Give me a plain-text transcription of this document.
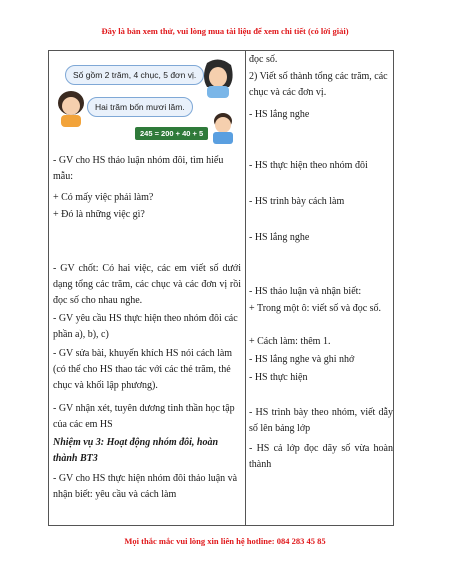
Đây là bản xem thử, vui lòng mua tài liệu để xem chi tiết (có lời giải)
Số gồm 2 trăm, 4 chục, 5 đơn vị.
Hai trăm bốn mươi lăm.
245 = 200 + 40 + 5
- GV cho HS thảo luận nhóm đôi, tìm hiểu mẫu:
+ Có mấy việc phải làm?
+ Đó là những việc gì?
- GV chốt: Có hai việc, các em viết số dưới dạng tổng các trăm, các chục và các đơn vị rồi đọc số cho nhau nghe.
- GV yêu cầu HS thực hiện theo nhóm đôi các phần a), b), c)
- GV sửa bài, khuyến khích HS nói cách làm (có thể cho HS thao tác với các thẻ trăm, thẻ chục và khối lập phương).
- GV nhận xét, tuyên dương tinh thần học tập của các em HS
Nhiệm vụ 3: Hoạt động nhóm đôi, hoàn thành BT3
- GV cho HS thực hiện nhóm đôi thảo luận và nhận biết: yêu cầu và cách làm
đọc số.
2) Viết số thành tổng các trăm, các chục và các đơn vị.
- HS lắng nghe
- HS thực hiện theo nhóm đôi
- HS trình bày cách làm
- HS lắng nghe
- HS thảo luận và nhận biết:
+ Trong một ô: viết số và đọc số.
+ Cách làm: thêm 1.
- HS lắng nghe và ghi nhớ
- HS thực hiện
- HS trình bày theo nhóm, viết dẫy số lên bảng lớp
- HS cả lớp đọc dãy số vừa hoàn thành
Mọi thắc mắc vui lòng xin liên hệ hotline: 084 283 45 85
